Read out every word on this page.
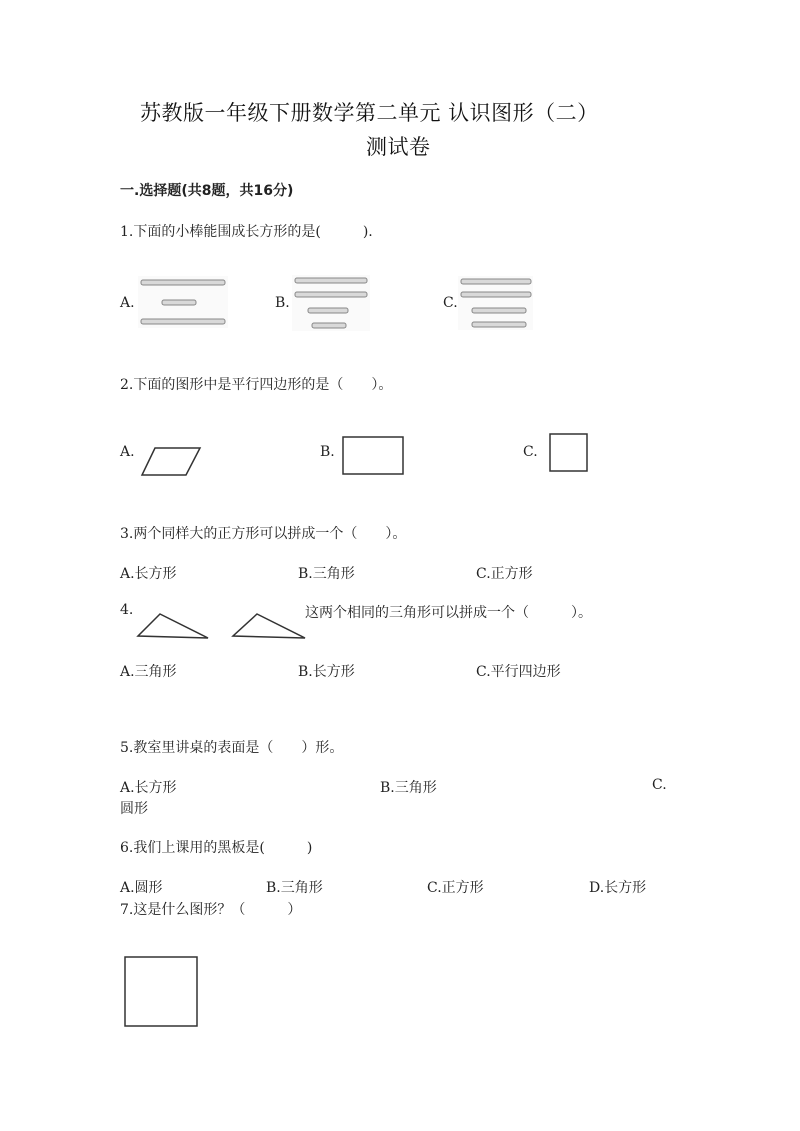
苏教版一年级下册数学第二单元 认识图形（二）
测试卷
一.选择题(共8题，共16分)
1.下面的小棒能围成长方形的是(　　　).
A.	B.	C.
2.下面的图形中是平行四边形的是（　　）。
A.	B.	C.
3.两个同样大的正方形可以拼成一个（　　）。
A.长方形	B.三角形	C.正方形
4.	这两个相同的三角形可以拼成一个（　　　）。
A.三角形	B.长方形	C.平行四边形
5.教室里讲桌的表面是（　　）形。
A.长方形	B.三角形	C.
圆形
6.我们上课用的黑板是(　　　)
A.圆形	B.三角形	C.正方形	D.长方形
7.这是什么图形？（　　　）
